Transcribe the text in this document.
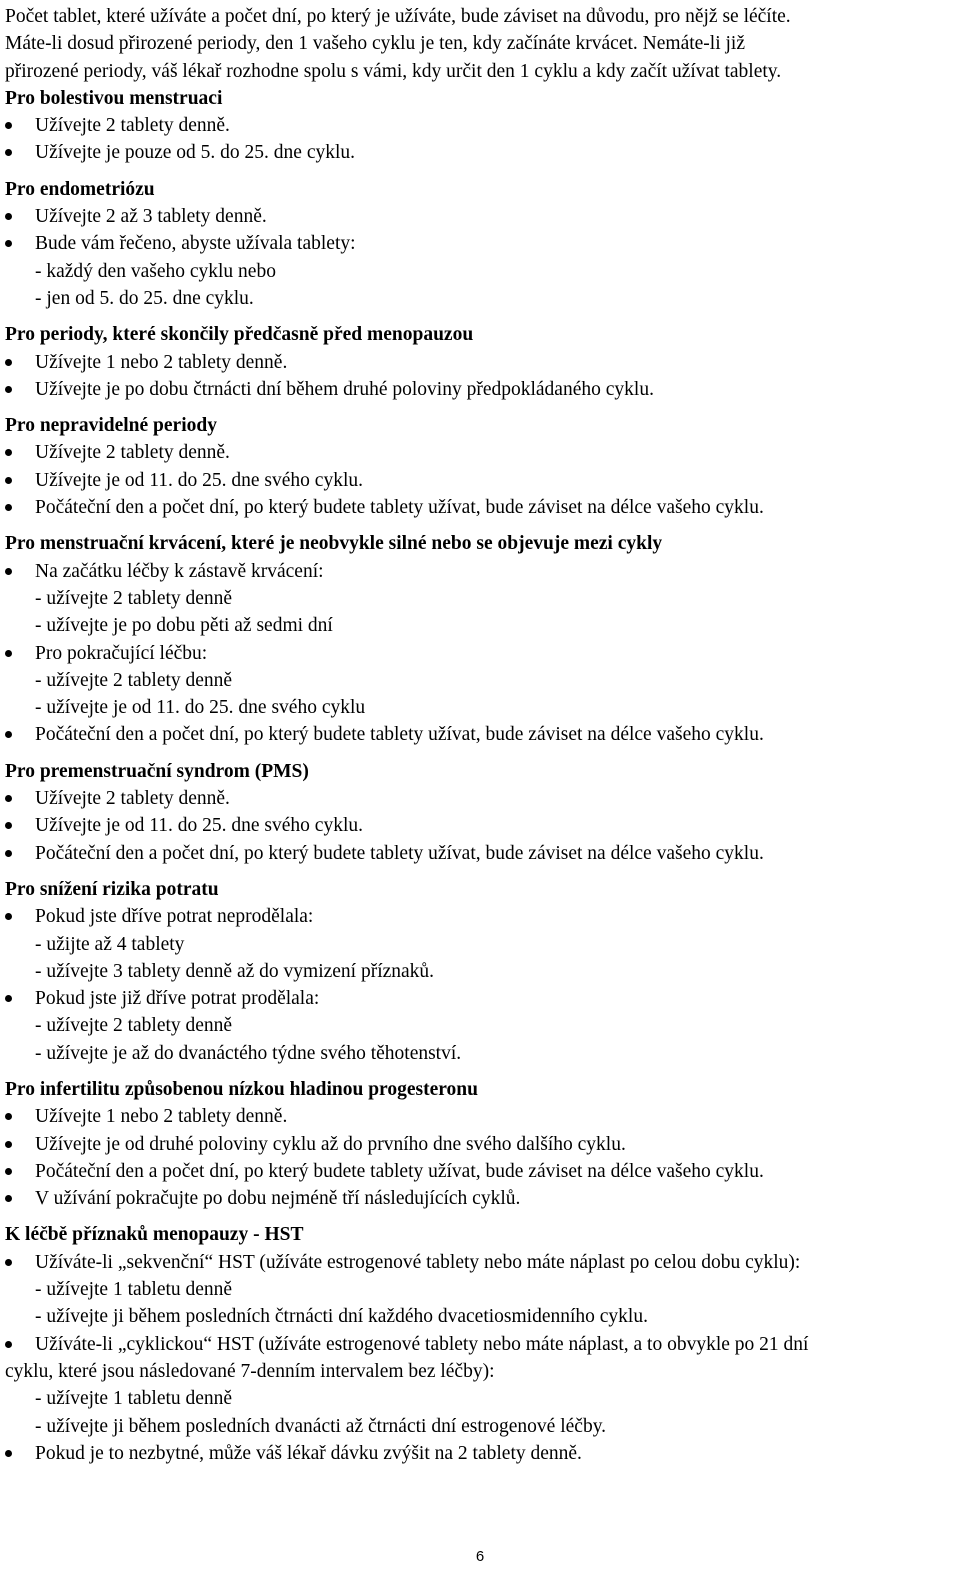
Počet tablet, které užíváte a počet dní, po který je užíváte, bude záviset na důvodu, pro nějž se léčíte.
Máte-li dosud přirozené periody, den 1 vašeho cyklu je ten, kdy začínáte krvácet. Nemáte-li již
přirozené periody, váš lékař rozhodne spolu s vámi, kdy určit den 1 cyklu a kdy začít užívat tablety.
Pro bolestivou menstruaci
Užívejte 2 tablety denně.
Užívejte je pouze od 5. do 25. dne cyklu.
Pro endometriózu
Užívejte 2 až 3 tablety denně.
Bude vám řečeno, abyste užívala tablety:
- každý den vašeho cyklu nebo
- jen od 5. do 25. dne cyklu.
Pro periody, které skončily předčasně před menopauzou
Užívejte 1 nebo 2 tablety denně.
Užívejte je po dobu čtrnácti dní během druhé poloviny předpokládaného cyklu.
Pro nepravidelné periody
Užívejte 2 tablety denně.
Užívejte je od 11. do 25. dne svého cyklu.
Počáteční den a počet dní, po který budete tablety užívat, bude záviset na délce vašeho cyklu.
Pro menstruační krvácení, které je neobvykle silné nebo se objevuje mezi cykly
Na začátku léčby k zástavě krvácení:
- užívejte 2 tablety denně
- užívejte je po dobu pěti až sedmi dní
Pro pokračující léčbu:
- užívejte 2 tablety denně
- užívejte je od 11. do 25. dne svého cyklu
Počáteční den a počet dní, po který budete tablety užívat, bude záviset na délce vašeho cyklu.
Pro premenstruační syndrom (PMS)
Užívejte 2 tablety denně.
Užívejte je od 11. do 25. dne svého cyklu.
Počáteční den a počet dní, po který budete tablety užívat, bude záviset na délce vašeho cyklu.
Pro snížení rizika potratu
Pokud jste dříve potrat neprodělala:
- užijte až 4 tablety
- užívejte 3 tablety denně až do vymizení příznaků.
Pokud jste již dříve potrat prodělala:
- užívejte 2 tablety denně
- užívejte je až do dvanáctého týdne svého těhotenství.
Pro infertilitu způsobenou nízkou hladinou progesteronu
Užívejte 1 nebo 2 tablety denně.
Užívejte je od druhé poloviny cyklu až do prvního dne svého dalšího cyklu.
Počáteční den a počet dní, po který budete tablety užívat, bude záviset na délce vašeho cyklu.
V užívání pokračujte po dobu nejméně tří následujících cyklů.
K léčbě příznaků menopauzy - HST
Užíváte-li „sekvenční“ HST (užíváte estrogenové tablety nebo máte náplast po celou dobu cyklu):
- užívejte 1 tabletu denně
- užívejte ji během posledních čtrnácti dní každého dvacetiosmidenního cyklu.
Užíváte-li „cyklickou“ HST (užíváte estrogenové tablety nebo máte náplast, a to obvykle po 21 dní
cyklu, které jsou následované 7-denním intervalem bez léčby):
- užívejte 1 tabletu denně
- užívejte ji během posledních dvanácti až čtrnácti dní estrogenové léčby.
Pokud je to nezbytné, může váš lékař dávku zvýšit na 2 tablety denně.
6
